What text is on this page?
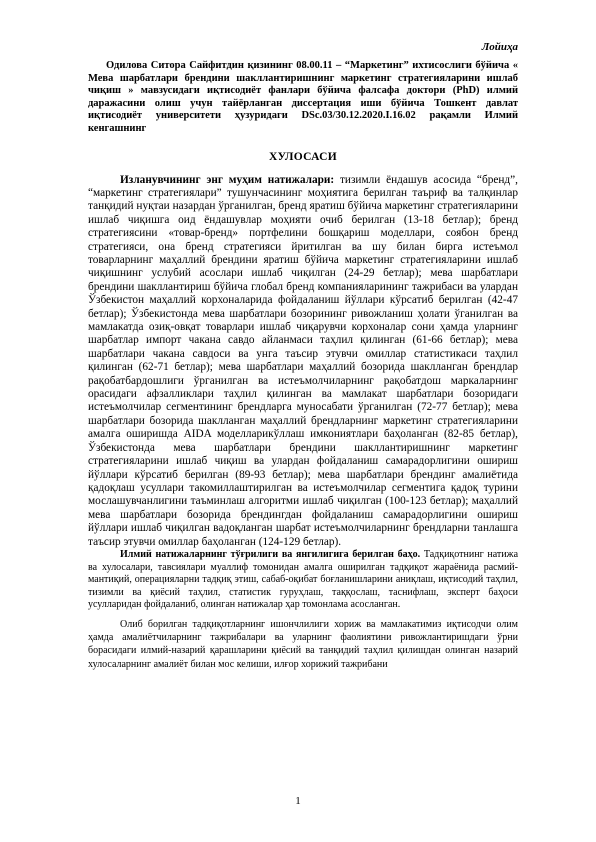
Лойиҳа

Одилова Ситора Сайфитдин қизининг 08.00.11 – “Маркетинг” ихтисослиги бўйича « Мева шарбатлари брендини шакллантиришнинг маркетинг стратегияларини ишлаб чиқиш » мавзусидаги иқтисодиёт фанлари бўйича фалсафа доктори (PhD) илмий даражасини олиш учун тайёрланган диссертация иши бўйича Тошкент давлат иқтисодиёт университети ҳузуридаги DSc.03/30.12.2020.I.16.02 рақамли Илмий кенгашнинг

ХУЛОСАСИ

Изланувчининг энг муҳим натижалари: тизимли ёндашув асосида “бренд”, “маркетинг стратегиялари” тушунчасининг моҳиятига берилган таъриф ва талқинлар танқидий нуқтаи назардан ўрганилган, бренд яратиш бўйича маркетинг стратегияларини ишлаб чиқишга оид ёндашувлар моҳияти очиб берилган (13-18 бетлар); бренд стратегиясини «товар-бренд» портфелини бошқариш моделлари, соябон бренд стратегияси, она бренд стратегияси йритилган ва шу билан бирга истеъмол товарларнинг маҳаллий брендини яратиш бўйича маркетинг стратегияларини ишлаб чиқишнинг услубий асослари ишлаб чиқилган (24-29 бетлар); мева шарбатлари брендини шакллантириш бўйича глобал бренд компанияларининг тажрибаси ва улардан Ўзбекистон маҳаллий корхоналарида фойдаланиш йўллари кўрсатиб берилган (42-47 бетлар); Ўзбекистонда мева шарбатлари бозорининг ривожланиш ҳолати ўганилган ва мамлакатда озиқ-овқат товарлари ишлаб чиқарувчи корхоналар сони ҳамда уларнинг шарбатлар импорт чакана савдо айланмаси таҳлил қилинган (61-66 бетлар); мева шарбатлари чакана савдоси ва унга таъсир этувчи омиллар статистикаси таҳлил қилинган (62-71 бетлар); мева шарбатлари маҳаллий бозорида шаклланган брендлар рақобатбардошлиги ўрганилган ва истеъмолчиларнинг рақобатдош маркаларнинг орасидаги афзалликлари таҳлил қилинган ва мамлакат шарбатлари бозоридаги истеъмолчилар сегментининг брендларга муносабати ўрганилган (72-77 бетлар); мева шарбатлари бозорида шаклланган маҳаллий брендларнинг маркетинг стратегияларини амалга оширишда AIDA моделларикўллаш имкониятлари баҳоланган (82-85 бетлар), Ўзбекистонда мева шарбатлари брендини шакллантиришнинг маркетинг стратегияларини ишлаб чиқиш ва улардан фойдаланиш самарадорлигини ошириш йўллари кўрсатиб берилган (89-93 бетлар); мева шарбатлари брендинг амалиётида қадоқлаш усуллари такомиллаштирилган ва истеъмолчилар сегментига қадоқ турини мослашувчанлигини таъминлаш алгоритми ишлаб чиқилган (100-123 бетлар); маҳаллий мева шарбатлари бозорида брендингдан фойдаланиш самарадорлигини ошириш йўллари ишлаб чиқилган вадоқланган шарбат истеъмолчиларнинг брендларни танлашга таъсир этувчи омиллар баҳоланган (124-129 бетлар).

Илмий натижаларнинг тўғрилиги ва янгилигига берилган баҳо. Тадқиқотнинг натижа ва хулосалари, тавсиялари муаллиф томонидан амалга оширилган тадқиқот жараёнида расмий-мантиқий, операцияларни тадқиқ этиш, сабаб-оқибат боғланишларини аниқлаш, иқтисодий таҳлил, тизимли ва қиёсий таҳлил, статистик гуруҳлаш, таққослаш, таснифлаш, эксперт баҳоси усулларидан фойдаланиб, олинган натижалар ҳар томонлама асосланган.

Олиб борилган тадқиқотларнинг ишончлилиги хориж ва мамлакатимиз иқтисодчи олим ҳамда амалиётчиларнинг тажрибалари ва уларнинг фаолиятини ривожлантиришдаги ўрни борасидаги илмий-назарий қарашларини қиёсий ва танқидий таҳлил қилишдан олинган назарий хулосаларнинг амалиёт билан мос келиши, илғор хорижий тажрибани

1
